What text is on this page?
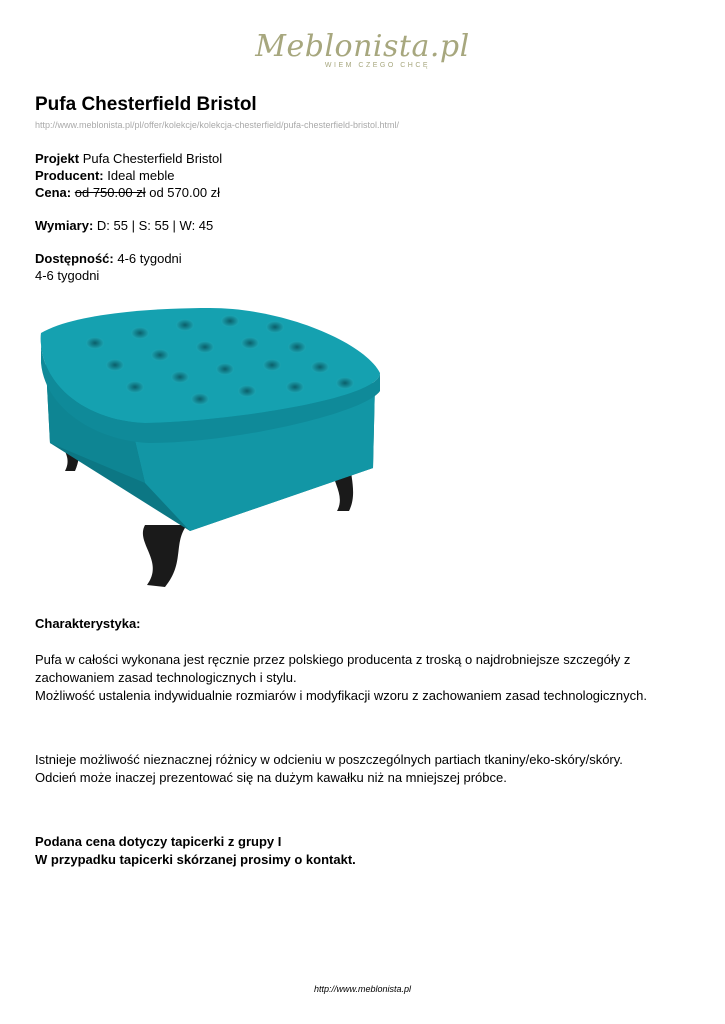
Meblonista.pl
WIEM CZEGO CHCĘ
Pufa Chesterfield Bristol
http://www.meblonista.pl/pl/offer/kolekcje/kolekcja-chesterfield/pufa-chesterfield-bristol.html/
Projekt Pufa Chesterfield Bristol
Producent: Ideal meble
Cena: od 750.00 zł od 570.00 zł
Wymiary: D: 55 | S: 55 | W: 45
Dostępność: 4-6 tygodni
4-6 tygodni
Charakterystyka:
Pufa w całości wykonana jest ręcznie przez polskiego producenta z troską o najdrobniejsze szczegóły z
zachowaniem zasad technologicznych i stylu.
Możliwość ustalenia indywidualnie rozmiarów i modyfikacji wzoru z zachowaniem zasad technologicznych.
Istnieje możliwość nieznacznej różnicy w odcieniu w poszczególnych partiach tkaniny/eko-skóry/skóry.
Odcień może inaczej prezentować się na dużym kawałku niż na mniejszej próbce.
Podana cena dotyczy tapicerki z grupy I
W przypadku tapicerki skórzanej prosimy o kontakt.
http://www.meblonista.pl
